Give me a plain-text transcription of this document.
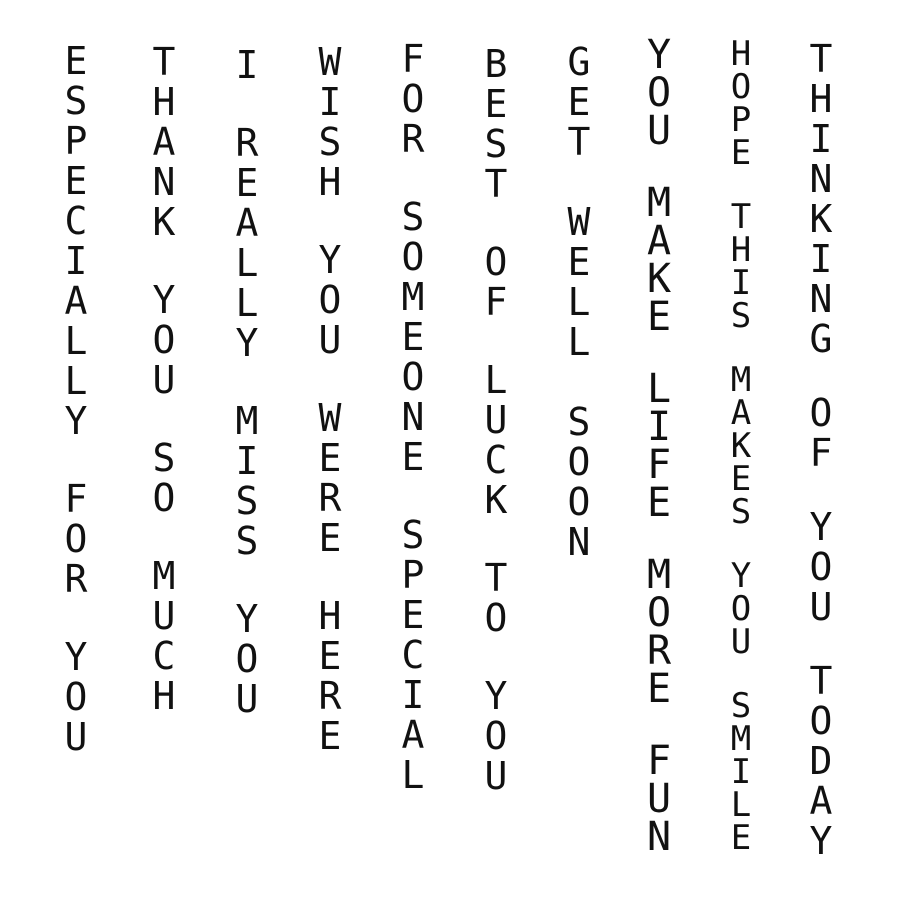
E
S
P
E
C
I
A
L
L
Y
F
O
R
Y
O
U
T
H
A
N
K
Y
O
U
S
O
M
U
C
H
I
R
E
A
L
L
Y
M
I
S
S
Y
O
U
W
I
S
H
Y
O
U
W
E
R
E
H
E
R
E
F
O
R
S
O
M
E
O
N
E
S
P
E
C
I
A
L
B
E
S
T
O
F
L
U
C
K
T
O
Y
O
U
G
E
T
W
E
L
L
S
O
O
N
Y
O
U
M
A
K
E
L
I
F
E
M
O
R
E
F
U
N
H
O
P
E
T
H
I
S
M
A
K
E
S
Y
O
U
S
M
I
L
E
T
H
I
N
K
I
N
G
O
F
Y
O
U
T
O
D
A
Y
